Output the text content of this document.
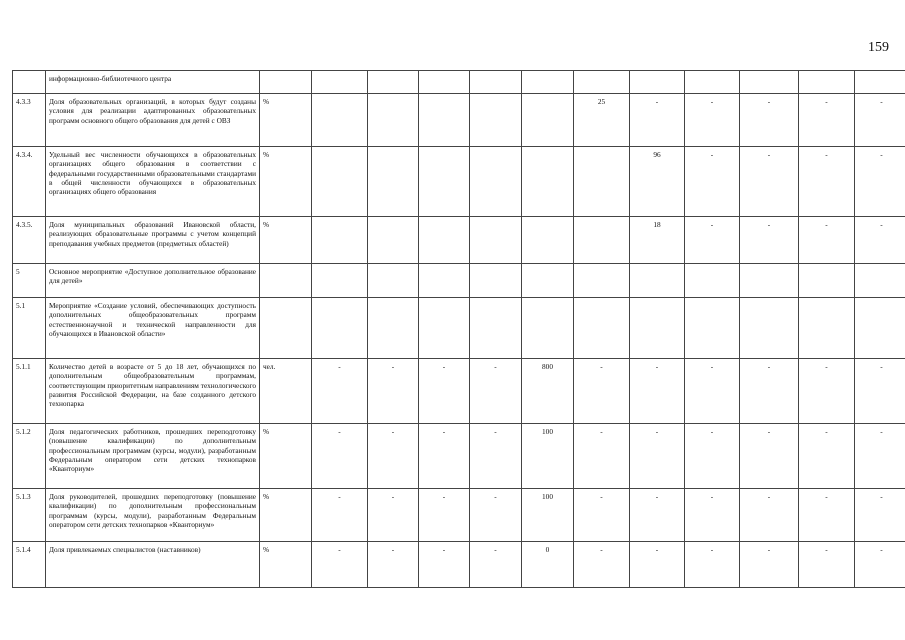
159
	информационно-библиотечного центра													
4.3.3	Доля образовательных организаций, в которых будут созданы условия для реализации адаптированных образовательных программ основного общего образования для детей с ОВЗ	%						25	-	-	-	-	-	
4.3.4.	Удельный вес численности обучающихся в образовательных организациях общего образования в соответствии с федеральными государственными образовательными стандартами в общей численности обучающихся в образовательных организациях общего образования	%							96	-	-	-	-	
4.3.5.	Доля муниципальных образований Ивановской области, реализующих образовательные программы с учетом концепций преподавания учебных предметов (предметных областей)	%							18	-	-	-	-	
5	Основное мероприятие «Доступное дополнительное образование для детей»													
5.1	Мероприятие «Создание условий, обеспечивающих доступность дополнительных общеобразовательных программ естественнонаучной и технической направленности для обучающихся в Ивановской области»													
5.1.1	Количество детей в возрасте от 5 до 18 лет, обучающихся по дополнительным общеобразовательным программам, соответствующим приоритетным направлениям технологического развития Российской Федерации, на базе созданного детского технопарка	чел.	-	-	-	-	800	-	-	-	-	-	-	
5.1.2	Доля педагогических работников, прошедших переподготовку (повышение квалификации) по дополнительным профессиональным программам (курсы, модули), разработанным Федеральным оператором сети детских технопарков «Кванториум»	%	-	-	-	-	100	-	-	-	-	-	-	
5.1.3	Доля руководителей, прошедших переподготовку (повышение квалификации) по дополнительным профессиональным программам (курсы, модули), разработанным Федеральным оператором сети детских технопарков «Кванториум»	%	-	-	-	-	100	-	-	-	-	-	-	
5.1.4	Доля привлекаемых специалистов (наставников)	%	-	-	-	-	0	-	-	-	-	-	-	
